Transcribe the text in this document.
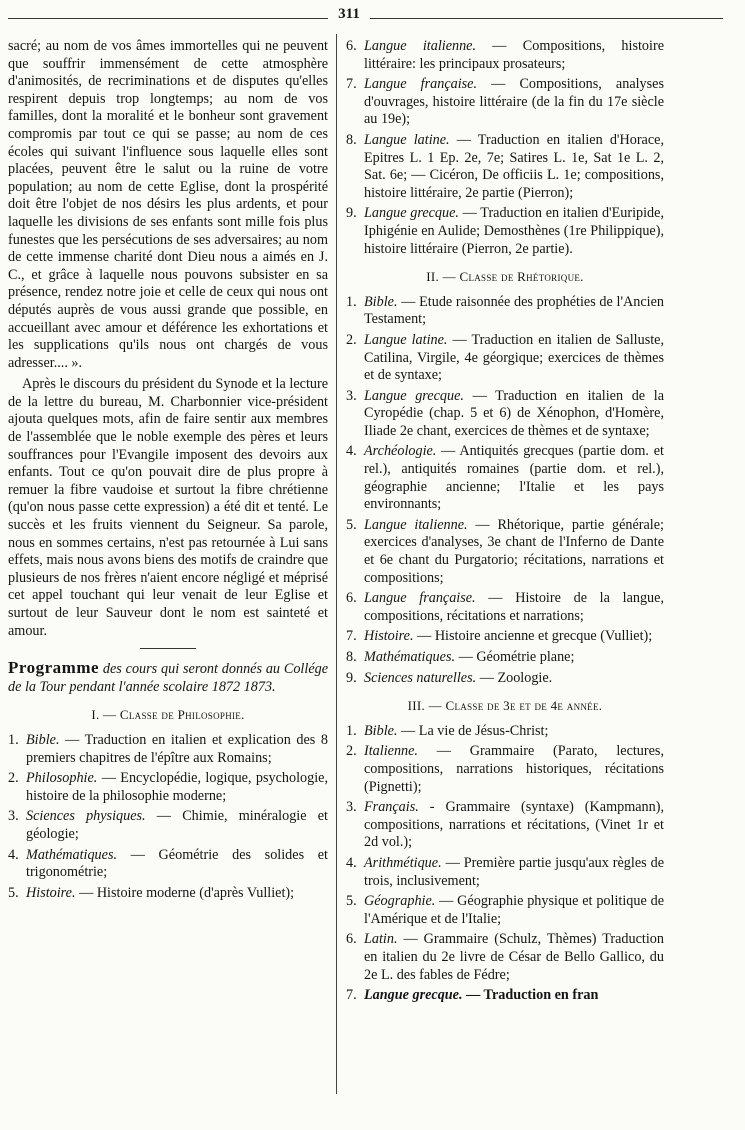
311

sacré; au nom de vos âmes immortelles qui ne peuvent que souffrir immensément de cette atmosphère d'animosités, de recriminations et de disputes qu'elles respirent depuis trop longtemps; au nom de vos familles, dont la moralité et le bonheur sont gravement compromis par tout ce qui se passe; au nom de ces écoles qui suivant l'influence sous laquelle elles sont placées, peuvent être le salut ou la ruine de votre population; au nom de cette Eglise, dont la prospérité doit être l'objet de nos désirs les plus ardents, et pour laquelle les divisions de ses enfants sont mille fois plus funestes que les persécutions de ses adversaires; au nom de cette immense charité dont Dieu nous a aimés en J. C., et grâce à laquelle nous pouvons subsister en sa présence, rendez notre joie et celle de ceux qui nous ont députés auprès de vous aussi grande que possible, en accueillant avec amour et déférence les exhortations et les supplications qu'ils nous ont chargés de vous adresser.... ».

Après le discours du président du Synode et la lecture de la lettre du bureau, M. Charbonnier vice-président ajouta quelques mots, afin de faire sentir aux membres de l'assemblée que le noble exemple des pères et leurs souffrances pour l'Evangile imposent des devoirs aux enfants. Tout ce qu'on pouvait dire de plus propre à remuer la fibre vaudoise et surtout la fibre chrétienne (qu'on nous passe cette expression) a été dit et tenté. Le succès et les fruits viennent du Seigneur. Sa parole, nous en sommes certains, n'est pas retournée à Lui sans effets, mais nous avons biens des motifs de craindre que plusieurs de nos frères n'aient encore négligé et méprisé cet appel touchant qui leur venait de leur Eglise et surtout de leur Sauveur dont le nom est sainteté et amour.

Programme des cours qui seront donnés au Collége de la Tour pendant l'année scolaire 1872 1873.

I. — Classe de Philosophie.
1. Bible. — Traduction en italien et explication des 8 premiers chapitres de l'épître aux Romains;
2. Philosophie. — Encyclopédie, logique, psychologie, histoire de la philosophie moderne;
3. Sciences physiques. — Chimie, minéralogie et géologie;
4. Mathématiques. — Géométrie des solides et trigonométrie;
5. Histoire. — Histoire moderne (d'après Vulliet);
6. Langue italienne. — Compositions, histoire littéraire: les principaux prosateurs;
7. Langue française. — Compositions, analyses d'ouvrages, histoire littéraire (de la fin du 17e siècle au 19e);
8. Langue latine. — Traduction en italien d'Horace, Epitres L. 1 Ep. 2e, 7e; Satires L. 1e, Sat 1e L. 2, Sat. 6e; — Cicéron, De officiis L. 1e; compositions, histoire littéraire, 2e partie (Pierron);
9. Langue grecque. — Traduction en italien d'Euripide, Iphigénie en Aulide; Demosthènes (1re Philippique), histoire littéraire (Pierron, 2e partie).
II. — Classe de Rhétorique.
1. Bible. — Etude raisonnée des prophéties de l'Ancien Testament;
2. Langue latine. — Traduction en italien de Salluste, Catilina, Virgile, 4e géorgique; exercices de thèmes et de syntaxe;
3. Langue grecque. — Traduction en italien de la Cyropédie (chap. 5 et 6) de Xénophon, d'Homère, Iliade 2e chant, exercices de thèmes et de syntaxe;
4. Archéologie. — Antiquités grecques (partie dom. et rel.), antiquités romaines (partie dom. et rel.), géographie ancienne; l'Italie et les pays environnants;
5. Langue italienne. — Rhétorique, partie générale; exercices d'analyses, 3e chant de l'Inferno de Dante et 6e chant du Purgatorio; récitations, narrations et compositions;
6. Langue française. — Histoire de la langue, compositions, récitations et narrations;
7. Histoire. — Histoire ancienne et grecque (Vulliet);
8. Mathématiques. — Géométrie plane;
9. Sciences naturelles. — Zoologie.
III. — Classe de 3e et de 4e année.
1. Bible. — La vie de Jésus-Christ;
2. Italienne. — Grammaire (Parato, lectures, compositions, narrations historiques, récitations (Pignetti);
3. Français. - Grammaire (syntaxe) (Kampmann), compositions, narrations et récitations, (Vinet 1r et 2d vol.);
4. Arithmétique. — Première partie jusqu'aux règles de trois, inclusivement;
5. Géographie. — Géographie physique et politique de l'Amérique et de l'Italie;
6. Latin. — Grammaire (Schulz, Thèmes) Traduction en italien du 2e livre de César de Bello Gallico, du 2e L. des fables de Fédre;
7. Langue grecque. — Traduction en fran
